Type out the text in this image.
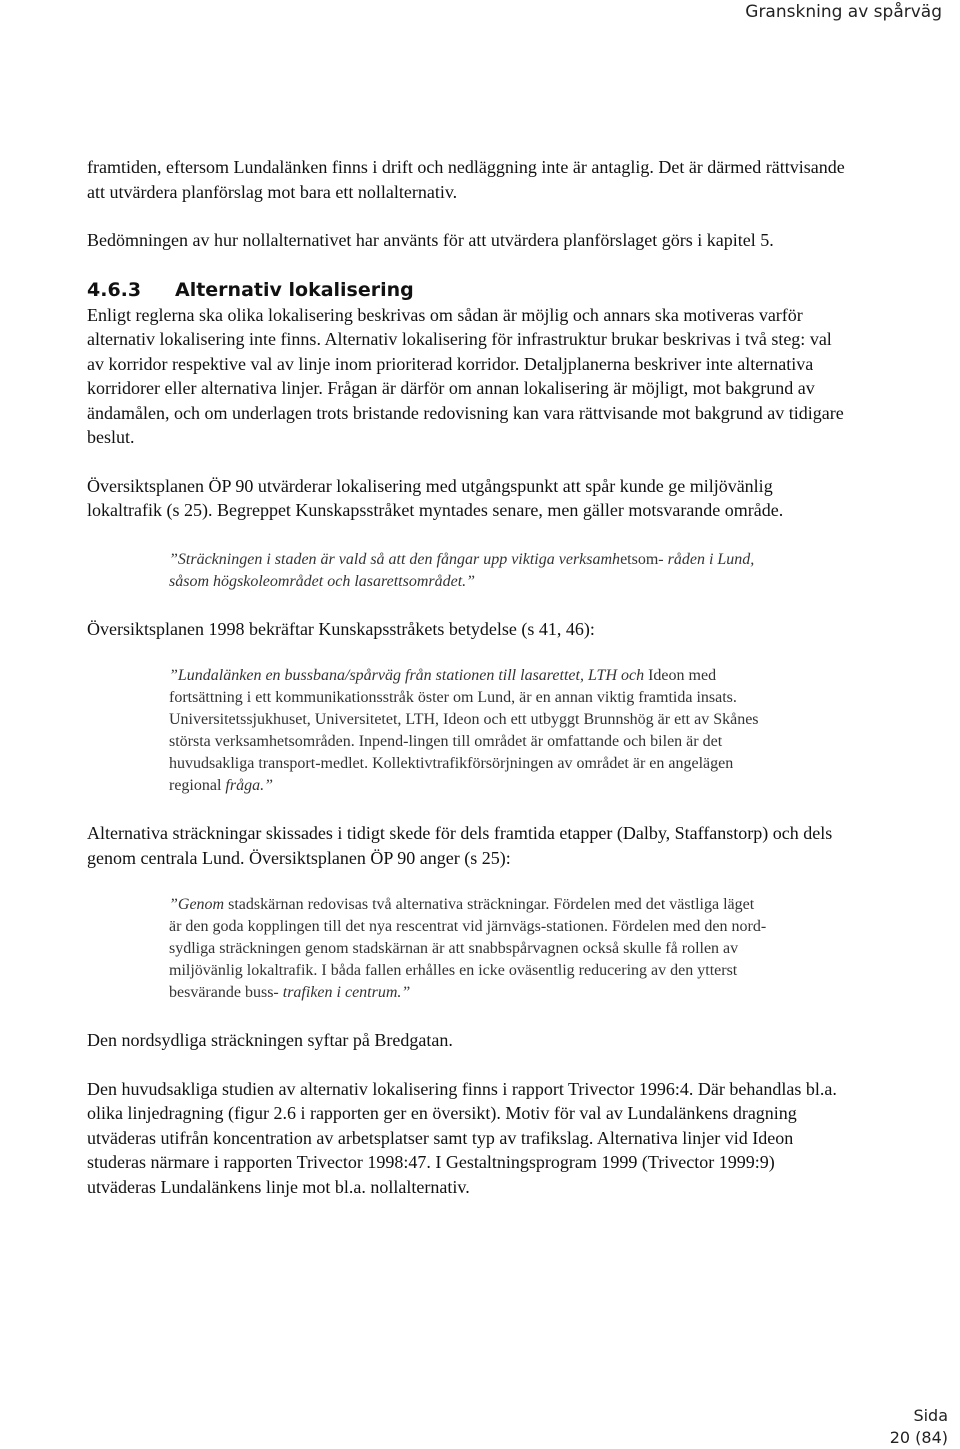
Granskning av spårväg

framtiden, eftersom Lundalänken finns i drift och nedläggning inte är antaglig. Det är därmed rättvisande att utvärdera planförslag mot bara ett nollalternativ.

Bedömningen av hur nollalternativet har använts för att utvärdera planförslaget görs i kapitel 5.

4.6.3 Alternativ lokalisering

Enligt reglerna ska olika lokalisering beskrivas om sådan är möjlig och annars ska motiveras varför alternativ lokalisering inte finns. Alternativ lokalisering för infrastruktur brukar beskrivas i två steg: val av korridor respektive val av linje inom prioriterad korridor. Detaljplanerna beskriver inte alternativa korridorer eller alternativa linjer. Frågan är därför om annan lokalisering är möjligt, mot bakgrund av ändamålen, och om underlagen trots bristande redovisning kan vara rättvisande mot bakgrund av tidigare beslut.

Översiktsplanen ÖP 90 utvärderar lokalisering med utgångspunkt att spår kunde ge miljövänlig lokaltrafik (s 25). Begreppet Kunskapsstråket myntades senare, men gäller motsvarande område.

”Sträckningen i staden är vald så att den fångar upp viktiga verksamhetsom- råden i Lund, såsom högskoleområdet och lasarettsområdet.”

Översiktsplanen 1998 bekräftar Kunskapsstråkets betydelse (s 41, 46):

”Lundalänken en bussbana/spårväg från stationen till lasarettet, LTH och Ideon med fortsättning i ett kommunikationsstråk öster om Lund, är en annan viktig framtida insats. Universitetssjukhuset, Universitetet, LTH, Ideon och ett utbyggt Brunnshög är ett av Skånes största verksamhetsområden. Inpend-lingen till området är omfattande och bilen är det huvudsakliga transport-medlet. Kollektivtrafikförsörjningen av området är en angelägen regional fråga.”

Alternativa sträckningar skissades i tidigt skede för dels framtida etapper (Dalby, Staffanstorp) och dels genom centrala Lund. Översiktsplanen ÖP 90 anger (s 25):

”Genom stadskärnan redovisas två alternativa sträckningar. Fördelen med det västliga läget är den goda kopplingen till det nya rescentrat vid järnvägs-stationen. Fördelen med den nord-sydliga sträckningen genom stadskärnan är att snabbspårvagnen också skulle få rollen av miljövänlig lokaltrafik. I båda fallen erhålles en icke oväsentlig reducering av den ytterst besvärande buss- trafiken i centrum.”

Den nordsydliga sträckningen syftar på Bredgatan.

Den huvudsakliga studien av alternativ lokalisering finns i rapport Trivector 1996:4. Där behandlas bl.a. olika linjedragning (figur 2.6 i rapporten ger en översikt). Motiv för val av Lundalänkens dragning utväderas utifrån koncentration av arbetsplatser samt typ av trafikslag. Alternativa linjer vid Ideon studeras närmare i rapporten Trivector 1998:47. I Gestaltningsprogram 1999 (Trivector 1999:9) utväderas Lundalänkens linje mot bl.a. nollalternativ.

Sida
20 (84)
